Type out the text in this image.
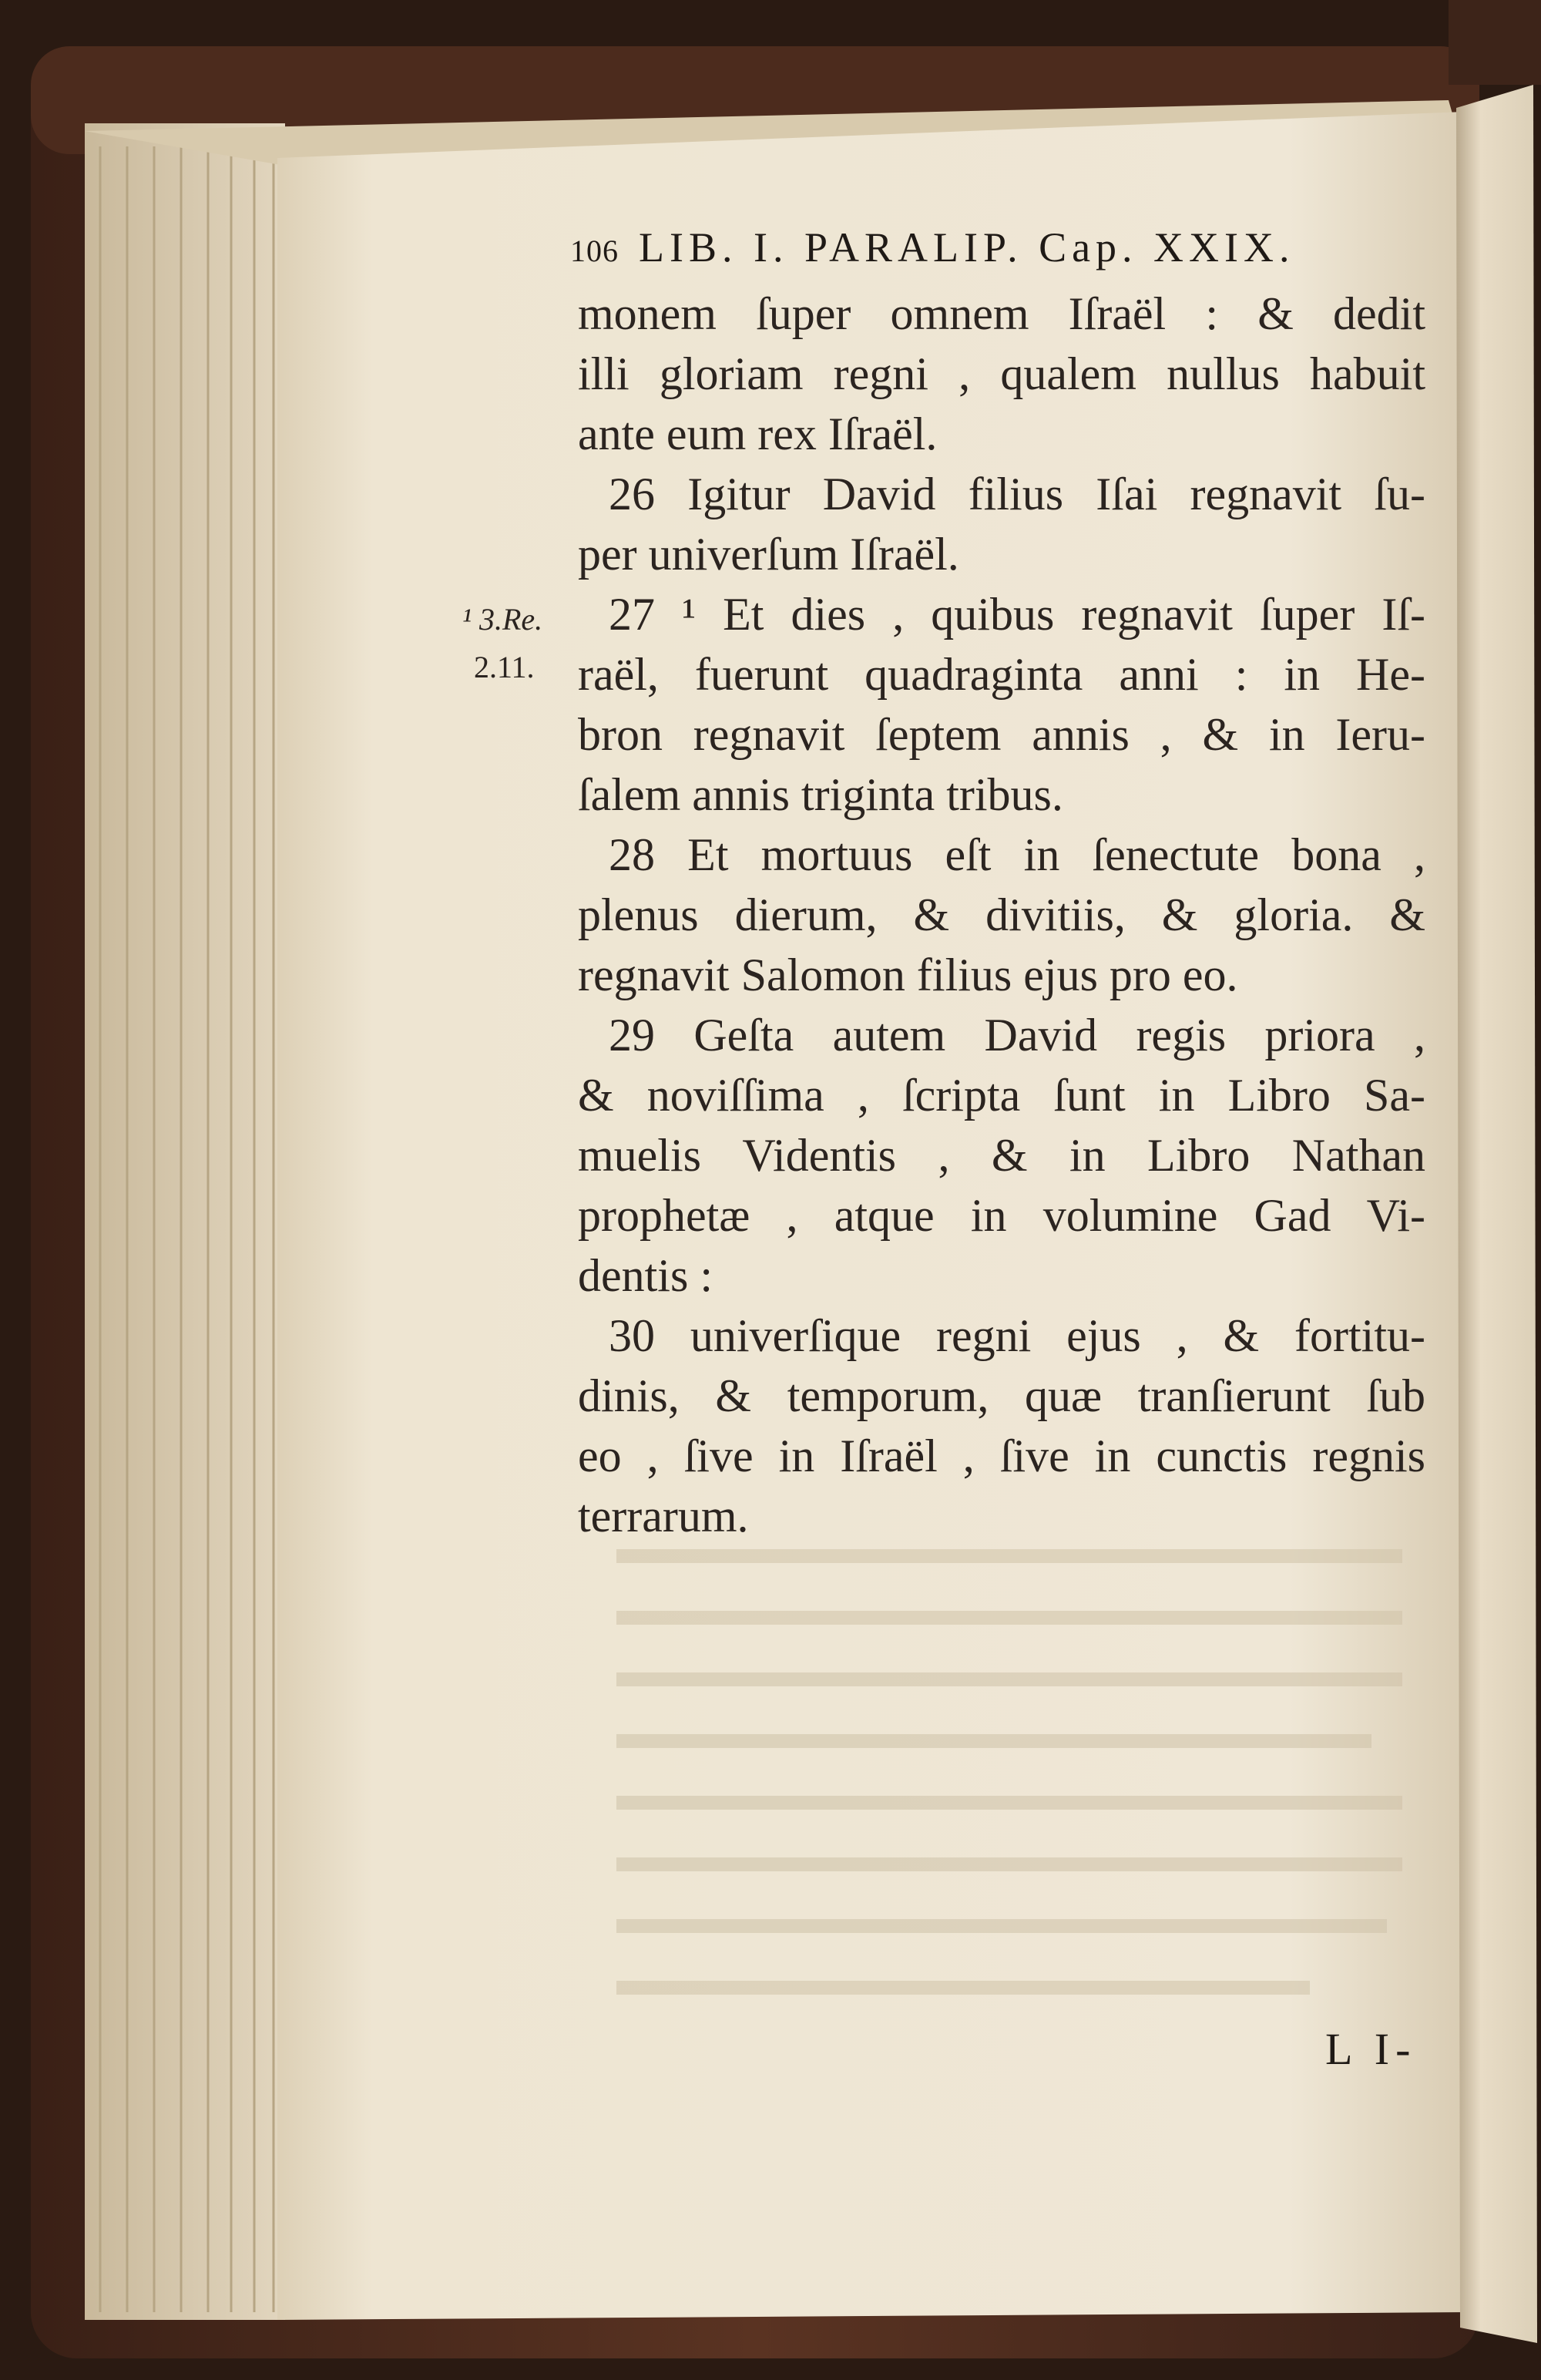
106 LIB. I. PARALIP. Cap. XXIX.
monem ſuper omnem Iſraël : & dedit
illi gloriam regni , qualem nullus habuit
ante eum rex Iſraël.
26 Igitur David filius Iſai regnavit ſu-
per univerſum Iſraël.
27 ¹ Et dies , quibus regnavit ſuper Iſ-
raël, fuerunt quadraginta anni : in He-
bron regnavit ſeptem annis , & in Ieru-
ſalem annis triginta tribus.
28 Et mortuus eſt in ſenectute bona ,
plenus dierum, & divitiis, & gloria. &
regnavit Salomon filius ejus pro eo.
29 Geſta autem David regis priora ,
& noviſſima , ſcripta ſunt in Libro Sa-
muelis Videntis , & in Libro Nathan
prophetæ , atque in volumine Gad Vi-
dentis :
30 univerſique regni ejus , & fortitu-
dinis, & temporum, quæ tranſierunt ſub
eo , ſive in Iſraël , ſive in cunctis regnis
terrarum.
¹ 3.Re.
2.11.
L I-
